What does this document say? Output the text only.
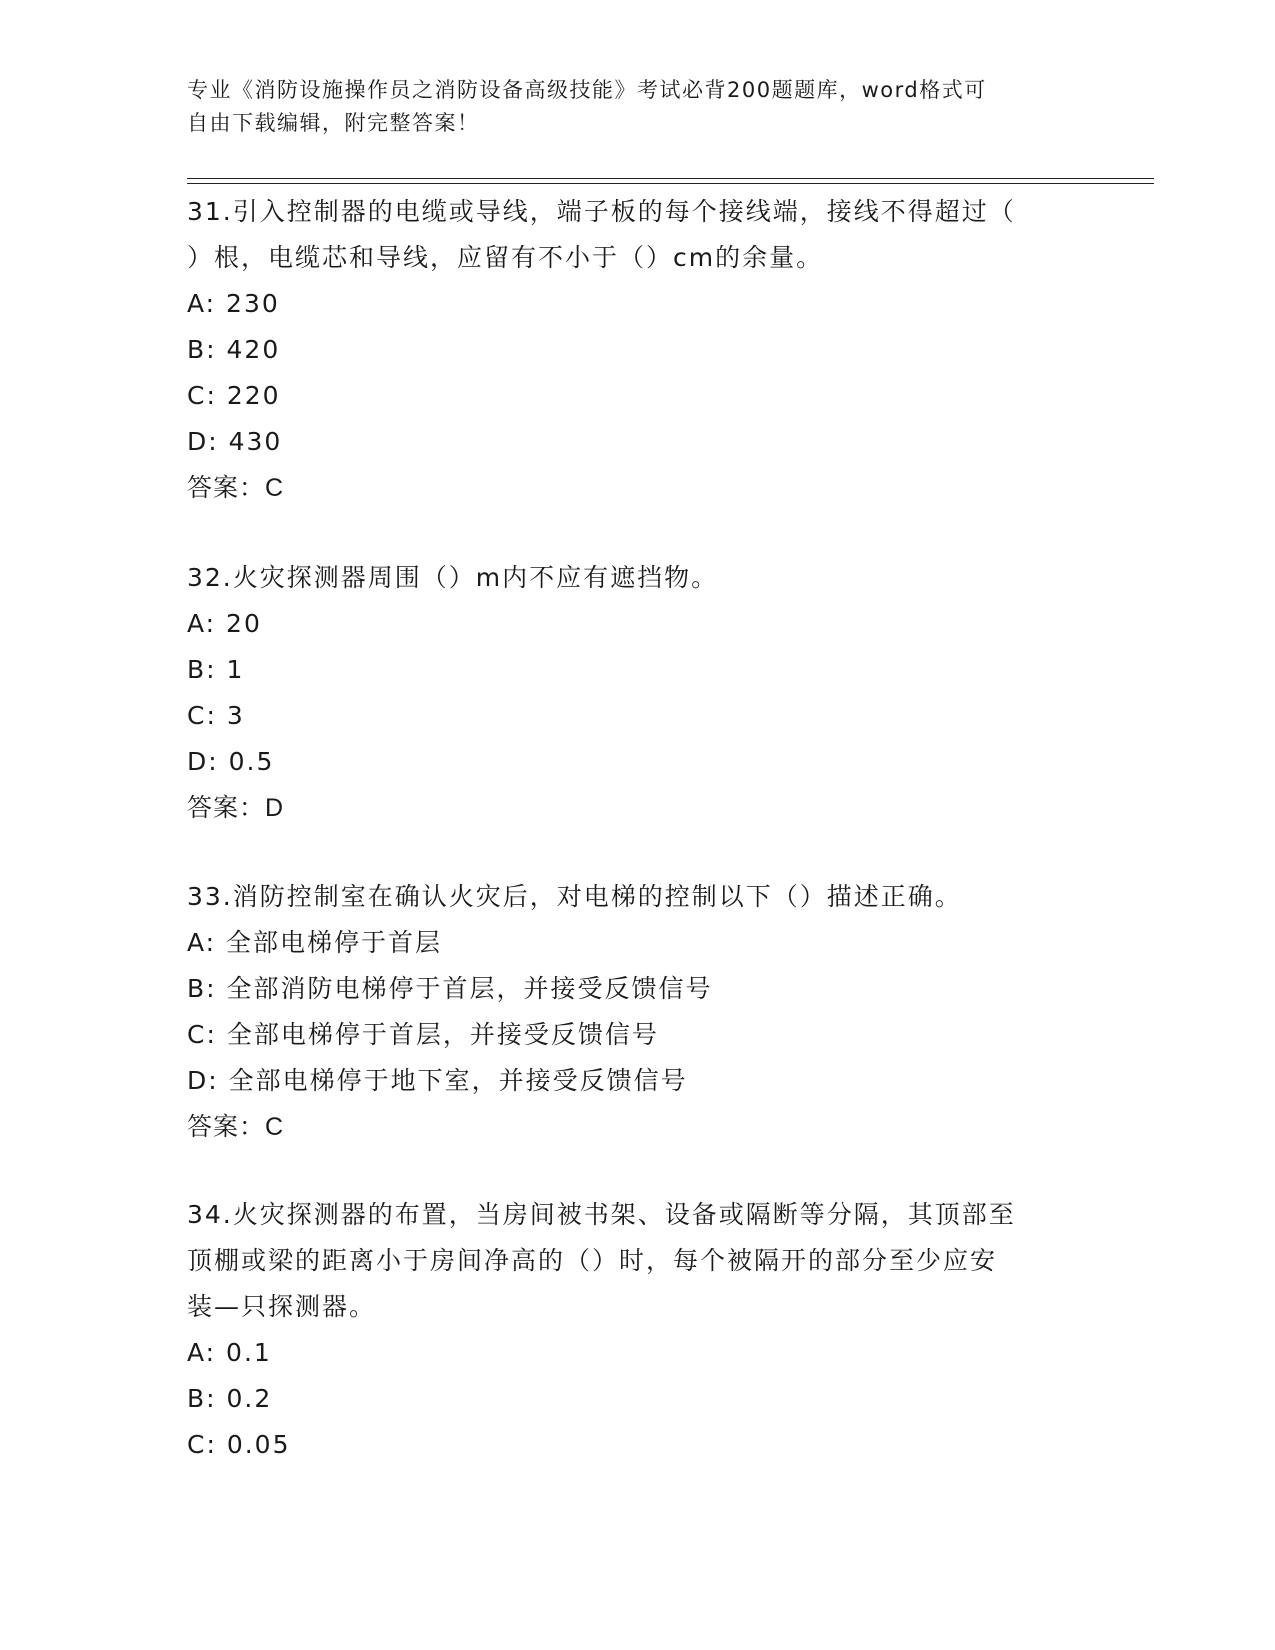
专业《消防设施操作员之消防设备高级技能》考试必背200题题库，word格式可
自由下载编辑，附完整答案！

31.引入控制器的电缆或导线，端子板的每个接线端，接线不得超过（

）根，电缆芯和导线，应留有不小于（）cm的余量。

A: 230

B: 420

C: 220

D: 430

答案：C

32.火灾探测器周围（）m内不应有遮挡物。

A: 20

B: 1

C: 3

D: 0.5

答案：D

33.消防控制室在确认火灾后，对电梯的控制以下（）描述正确。

A: 全部电梯停于首层

B: 全部消防电梯停于首层，并接受反馈信号

C: 全部电梯停于首层，并接受反馈信号

D: 全部电梯停于地下室，并接受反馈信号

答案：C

34.火灾探测器的布置，当房间被书架、设备或隔断等分隔，其顶部至

顶棚或梁的距离小于房间净高的（）时，每个被隔开的部分至少应安

装—只探测器。

A: 0.1

B: 0.2

C: 0.05
